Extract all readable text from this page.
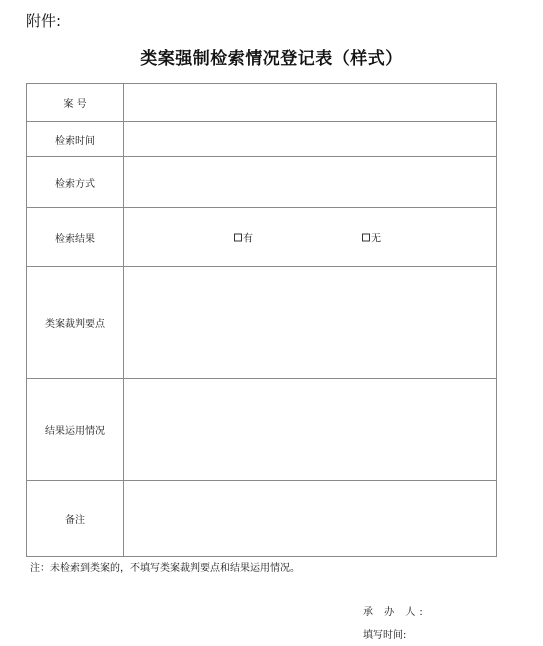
附件:
类案强制检索情况登记表（样式）
案 号	
检索时间	
检索方式	
检索结果	有 无

类案裁判要点	
结果运用情况	
备注	
注：未检索到类案的，不填写类案裁判要点和结果运用情况。
承 办 人:
填写时间:
